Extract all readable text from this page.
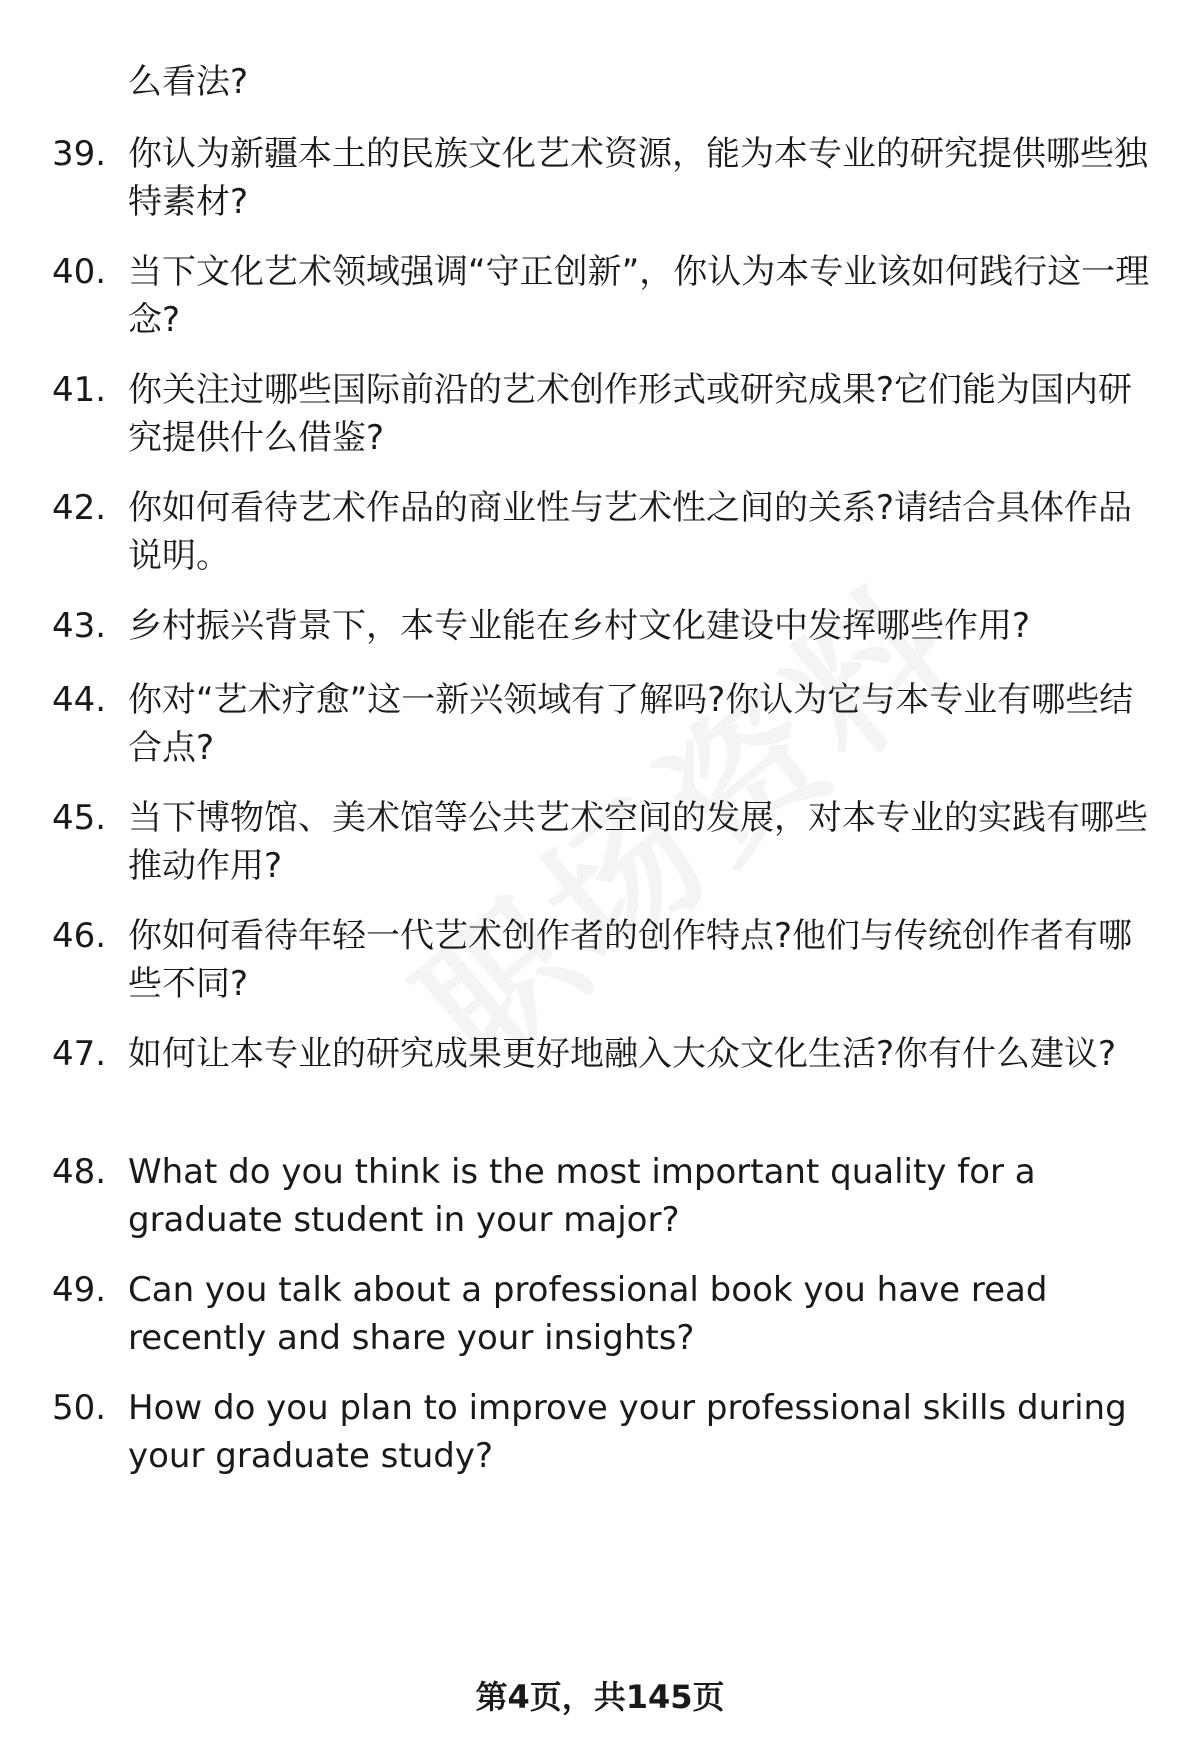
么看法?
39. 你认为新疆本土的民族文化艺术资源，能为本专业的研究提供哪些独特素材?
40. 当下文化艺术领域强调“守正创新”，你认为本专业该如何践行这一理念?
41. 你关注过哪些国际前沿的艺术创作形式或研究成果?它们能为国内研究提供什么借鉴?
42. 你如何看待艺术作品的商业性与艺术性之间的关系?请结合具体作品说明。
43. 乡村振兴背景下，本专业能在乡村文化建设中发挥哪些作用?
44. 你对“艺术疗愈”这一新兴领域有了解吗?你认为它与本专业有哪些结合点?
45. 当下博物馆、美术馆等公共艺术空间的发展，对本专业的实践有哪些推动作用?
46. 你如何看待年轻一代艺术创作者的创作特点?他们与传统创作者有哪些不同?
47. 如何让本专业的研究成果更好地融入大众文化生活?你有什么建议?
48. What do you think is the most important quality for a graduate student in your major?
49. Can you talk about a professional book you have read recently and share your insights?
50. How do you plan to improve your professional skills during your graduate study?
第4页，共145页
